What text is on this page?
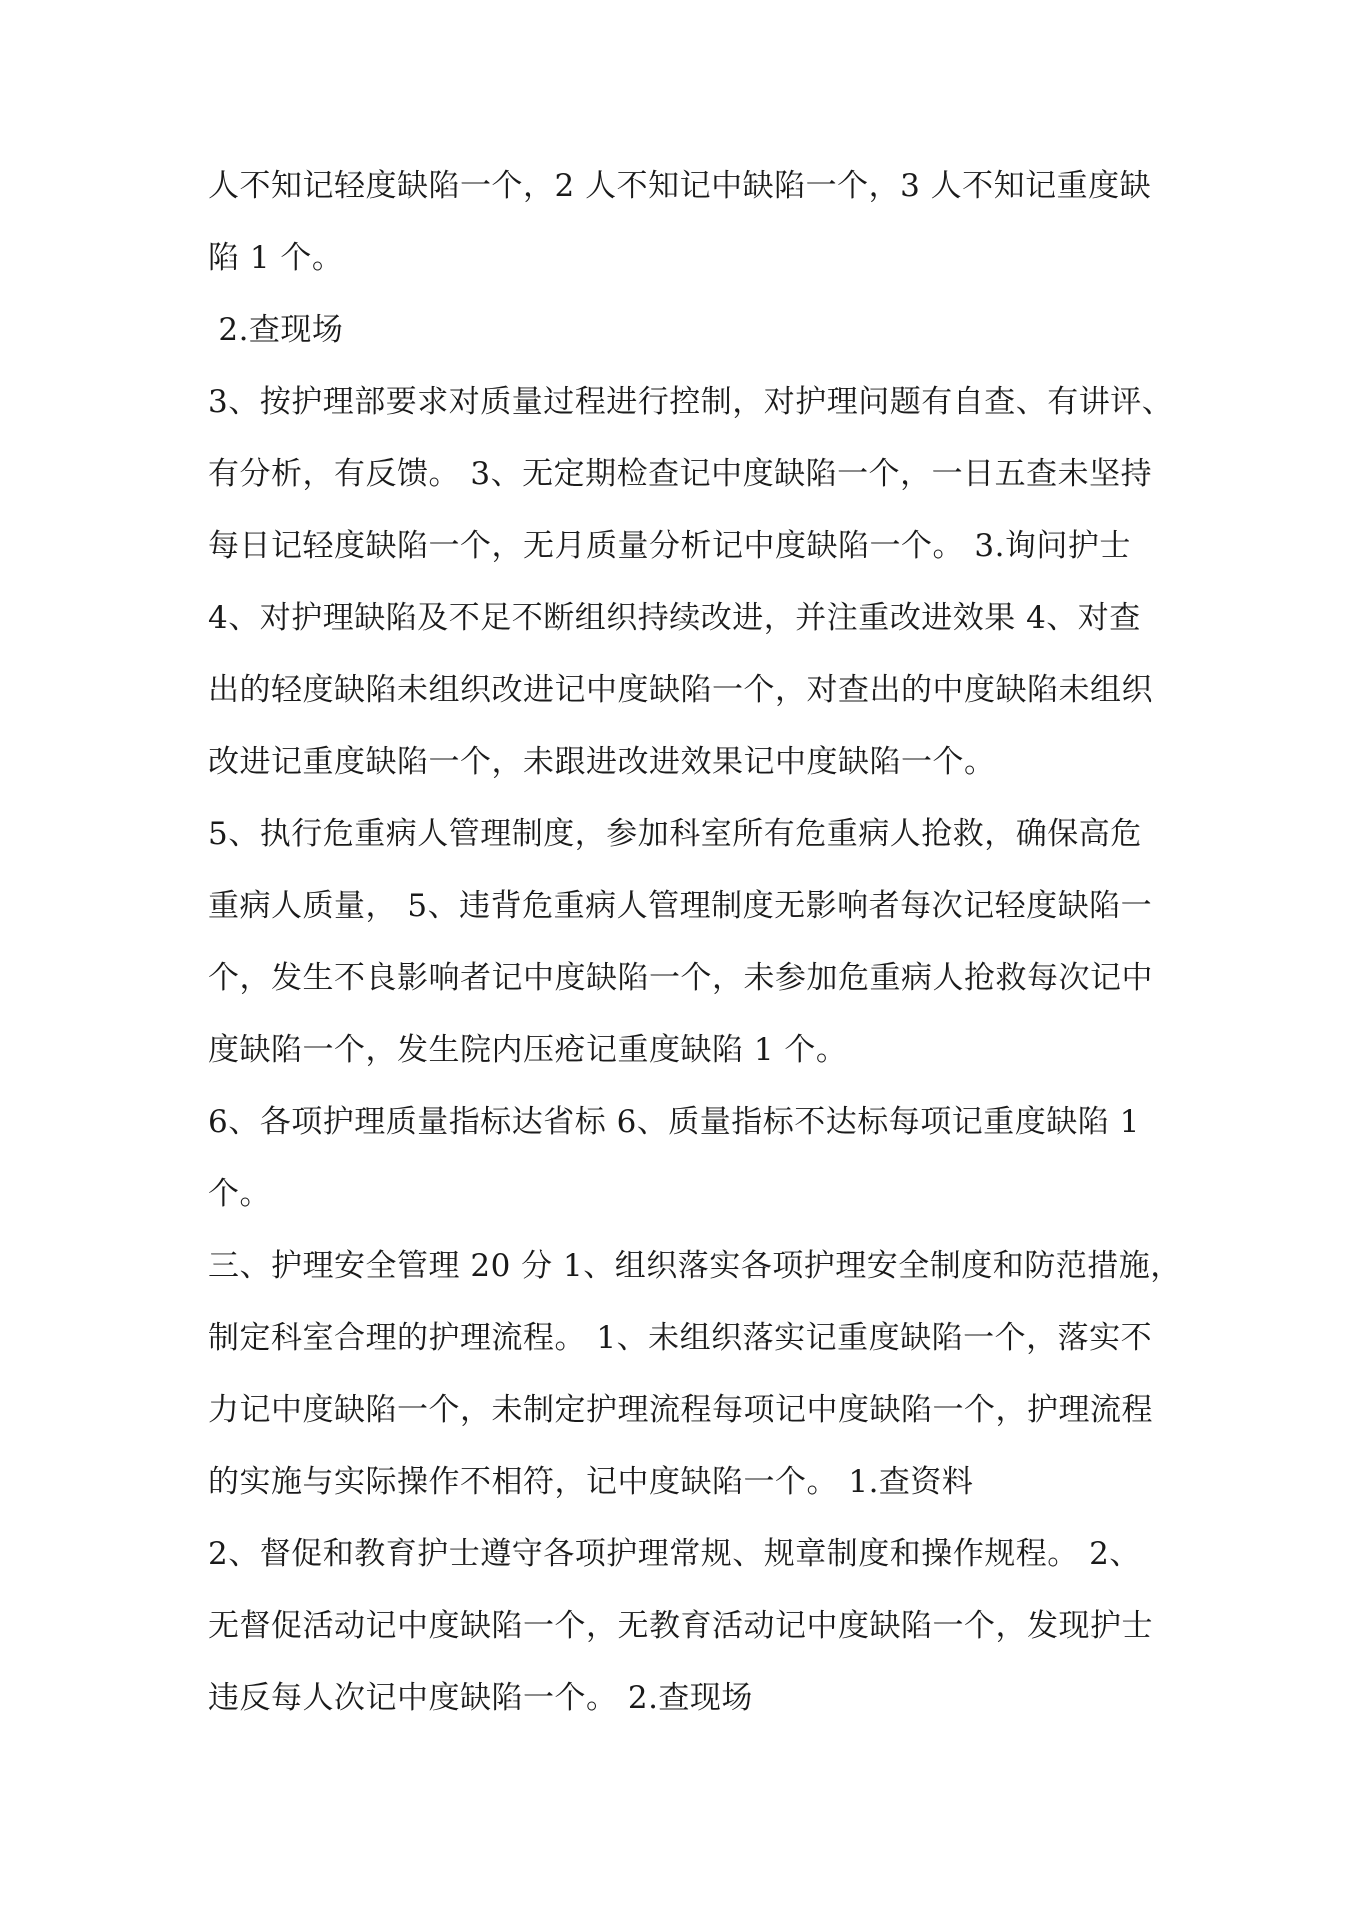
人不知记轻度缺陷一个，2 人不知记中缺陷一个，3 人不知记重度缺
陷 1 个。
2.查现场
3、按护理部要求对质量过程进行控制，对护理问题有自查、有讲评、
有分析，有反馈。 3、无定期检查记中度缺陷一个，一日五查未坚持
每日记轻度缺陷一个，无月质量分析记中度缺陷一个。 3.询问护士
4、对护理缺陷及不足不断组织持续改进，并注重改进效果 4、对查
出的轻度缺陷未组织改进记中度缺陷一个，对查出的中度缺陷未组织
改进记重度缺陷一个，未跟进改进效果记中度缺陷一个。
5、执行危重病人管理制度，参加科室所有危重病人抢救，确保高危
重病人质量， 5、违背危重病人管理制度无影响者每次记轻度缺陷一
个，发生不良影响者记中度缺陷一个，未参加危重病人抢救每次记中
度缺陷一个，发生院内压疮记重度缺陷 1 个。
6、各项护理质量指标达省标 6、质量指标不达标每项记重度缺陷 1
个。
三、护理安全管理 20 分 1、组织落实各项护理安全制度和防范措施，
制定科室合理的护理流程。 1、未组织落实记重度缺陷一个，落实不
力记中度缺陷一个，未制定护理流程每项记中度缺陷一个，护理流程
的实施与实际操作不相符，记中度缺陷一个。 1.查资料
2、督促和教育护士遵守各项护理常规、规章制度和操作规程。 2、
无督促活动记中度缺陷一个，无教育活动记中度缺陷一个，发现护士
违反每人次记中度缺陷一个。 2.查现场
